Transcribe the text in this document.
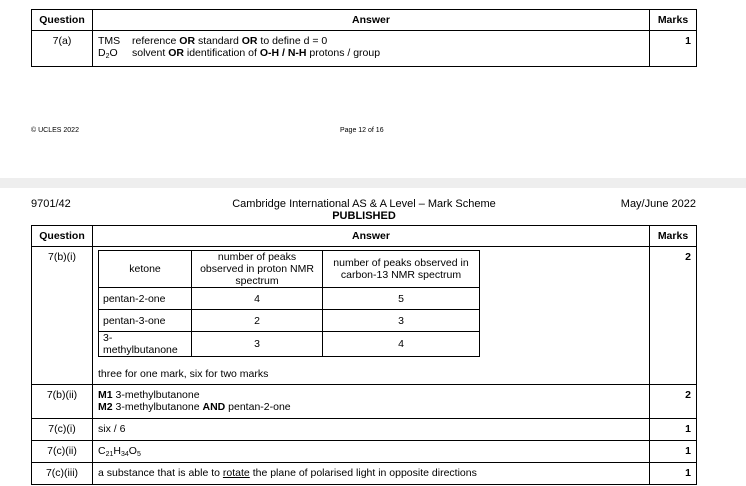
Question	Answer	Marks
7(a)	TMS reference OR standard OR to define d = 0
$D_2O$ solvent OR identification of O-H / N-H protons / group	1
© UCLES 2022	Page 12 of 16
9701/42	Cambridge International AS & A Level – Mark Scheme
PUBLISHED
May/June 2022
Question	Answer	Marks
7(b)(i)	
ketone	number of peaks observed in proton NMR spectrum	number of peaks observed in carbon-13 NMR spectrum
pentan-2-one	4	5
pentan-3-one	2	3
3-methylbutanone	3	4
three for one mark, six for two marks
	2
7(b)(ii)	M1 3-methylbutanone
M2 3-methylbutanone AND pentan-2-one
	2
7(c)(i)	six / 6	1
7(c)(ii)	$C_{21}H_{34}O_5$	1
7(c)(iii)	a substance that is able to rotate the plane of polarised light in opposite directions	1
